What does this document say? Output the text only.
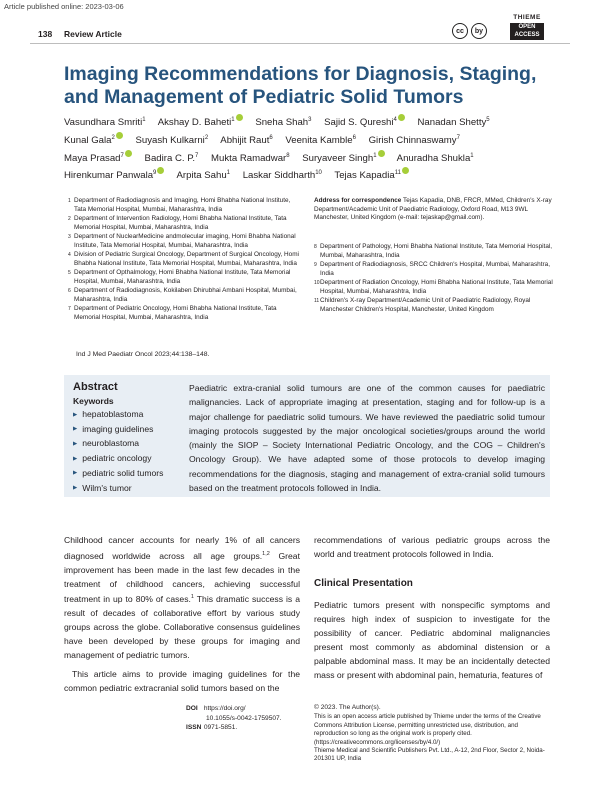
Article published online: 2023-03-06
138 Review Article	cc	by
THIEME
OPEN
ACCESS
Imaging Recommendations for Diagnosis, Staging, and Management of Pediatric Solid Tumors
Vasundhara Smriti$^1$ Akshay D. Baheti$^1$ Sneha Shah$^3$ Sajid S. Qureshi$^4$ Nanadan Shetty$^5$ Kunal Gala$^2$ Suyash Kulkarni$^2$ Abhijit Raut$^6$ Veenita Kamble$^6$ Girish Chinnaswamy$^7$ Maya Prasad$^7$ Badira C. P.$^7$ Mukta Ramadwar$^8$ Suryaveer Singh$^1$ Anuradha Shukla$^1$ Hirenkumar Panwala$^9$ Arpita Sahu$^1$ Laskar Siddharth$^{10}$ Tejas Kapadia$^{11}$
1 Department of Radiodiagnosis and Imaging, Homi Bhabha National Institute, Tata Memorial Hospital, Mumbai, Maharashtra, India
2 Department of Intervention Radiology, Homi Bhabha National Institute, Tata Memorial Hospital, Mumbai, Maharashtra, India
3 Department of NuclearMedicine andmolecular imaging, Homi Bhabha National Institute, Tata Memorial Hospital, Mumbai, Maharashtra, India
4 Division of Pediatric Surgical Oncology, Department of Surgical Oncology, Homi Bhabha National Institute, Tata Memorial Hospital, Mumbai, Maharashtra, India
5 Department of Opthalmology, Homi Bhabha National Institute, Tata Memorial Hospital, Mumbai, Maharashtra, India
6 Department of Radiodiagnosis, Kokilaben Dhirubhai Ambani Hospital, Mumbai, Maharashtra, India
7 Department of Pediatric Oncology, Homi Bhabha National Institute, Tata Memorial Hospital, Mumbai, Maharashtra, India
Address for correspondence Tejas Kapadia, DNB, FRCR, MMed, Children's X-ray Department/Academic Unit of Paediatric Radiology, Oxford Road, M13 9WL Manchester, United Kingdom (e-mail: tejaskap@gmail.com).
8 Department of Pathology, Homi Bhabha National Institute, Tata Memorial Hospital, Mumbai, Maharashtra, India
9 Department of Radiodiagnosis, SRCC Children's Hospital, Mumbai, Maharashtra, India
10 Department of Radiation Oncology, Homi Bhabha National Institute, Tata Memorial Hospital, Mumbai, Maharashtra, India
11 Children's X-ray Department/Academic Unit of Paediatric Radiology, Royal Manchester Children's Hospital, Manchester, United Kingdom
Ind J Med Paediatr Oncol 2023;44:138–148.
Abstract
Keywords
▶ hepatoblastoma
▶ imaging guidelines
▶ neuroblastoma
▶ pediatric oncology
▶ pediatric solid tumors
▶ Wilm's tumor
Paediatric extra-cranial solid tumours are one of the common causes for paediatric malignancies. Lack of appropriate imaging at presentation, staging and for follow-up is a major challenge for paediatric solid tumours. We have reviewed the paediatric solid tumour imaging protocols suggested by the major oncological societies/groups around the world (mainly the SIOP – Society International Pediatric Oncology, and the COG – Children's Oncology Group). We have adapted some of those protocols to develop imaging recommendations for the diagnosis, staging and management of extra-cranial solid tumours based on the treatment protocols followed in India.

Childhood cancer accounts for nearly 1% of all cancers diagnosed worldwide across all age groups.$^{1,2}$ Great improvement has been made in the last few decades in the treatment of childhood cancers, achieving successful treatment in up to 80% of cases.$^1$ This dramatic success is a result of decades of collaborative effort by various study groups across the globe. Collaborative consensus guidelines have been developed by these groups for imaging and management of pediatric tumors.

This article aims to provide imaging guidelines for the common pediatric extracranial solid tumors based on the

recommendations of various pediatric groups across the world and treatment protocols followed in India.

Clinical Presentation
Pediatric tumors present with nonspecific symptoms and requires high index of suspicion to investigate for the possibility of cancer. Pediatric abdominal malignancies present most commonly as abdominal distension or a palpable abdominal mass. It may be an incidentally detected mass or present with abdominal pain, hematuria, features of
DOI https://doi.org/
10.1055/s-0042-1759507.
ISSN 0971-5851.
© 2023. The Author(s).
This is an open access article published by Thieme under the terms of the Creative Commons Attribution License, permitting unrestricted use, distribution, and reproduction so long as the original work is properly cited. (https://creativecommons.org/licenses/by/4.0/)
Thieme Medical and Scientific Publishers Pvt. Ltd., A-12, 2nd Floor, Sector 2, Noida-201301 UP, India
